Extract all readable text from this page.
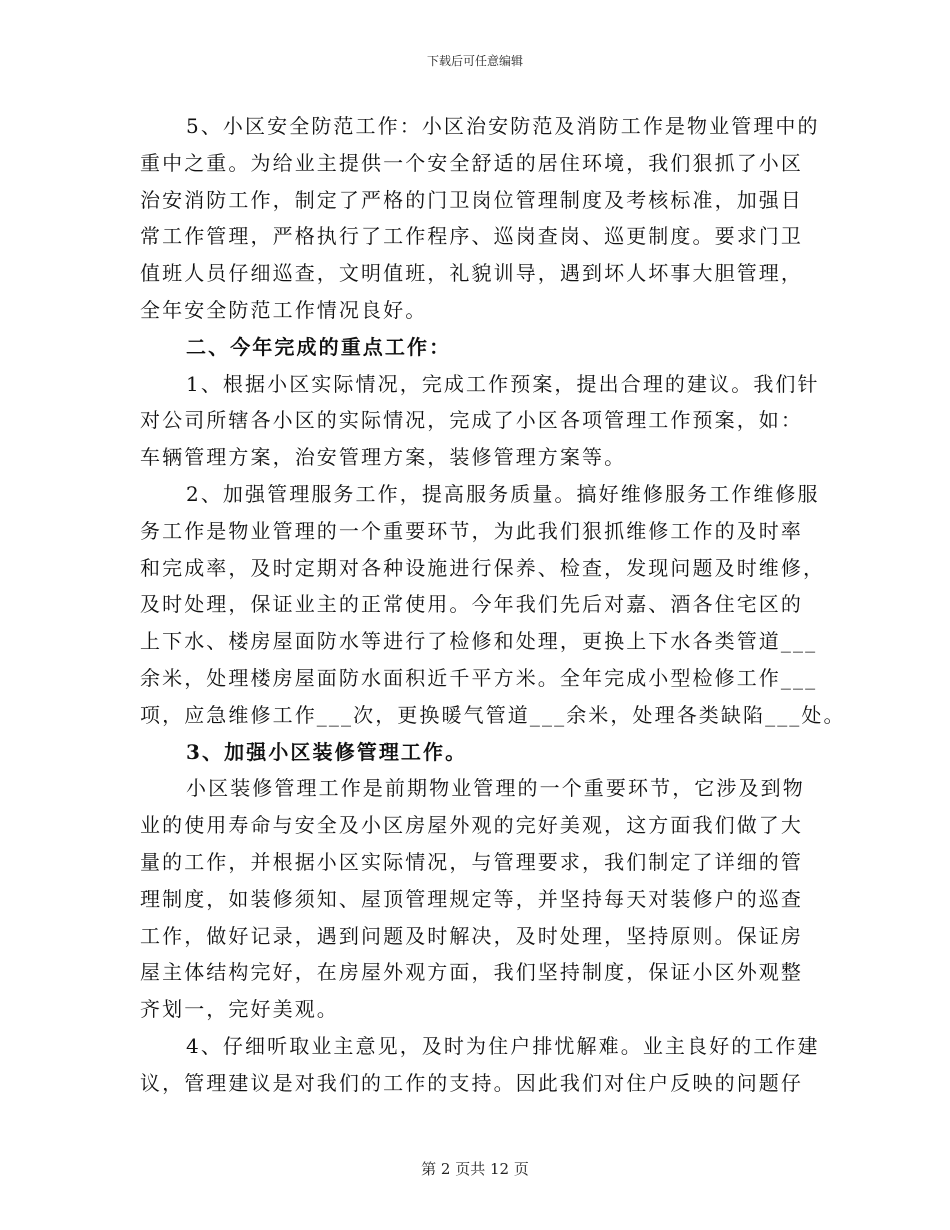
下载后可任意编辑
5、小区安全防范工作：小区治安防范及消防工作是物业管理中的
重中之重。为给业主提供一个安全舒适的居住环境，我们狠抓了小区
治安消防工作，制定了严格的门卫岗位管理制度及考核标准，加强日
常工作管理，严格执行了工作程序、巡岗查岗、巡更制度。要求门卫
值班人员仔细巡查，文明值班，礼貌训导，遇到坏人坏事大胆管理，
全年安全防范工作情况良好。
二、今年完成的重点工作：
1、根据小区实际情况，完成工作预案，提出合理的建议。我们针
对公司所辖各小区的实际情况，完成了小区各项管理工作预案，如：
车辆管理方案，治安管理方案，装修管理方案等。
2、加强管理服务工作，提高服务质量。搞好维修服务工作维修服
务工作是物业管理的一个重要环节，为此我们狠抓维修工作的及时率
和完成率，及时定期对各种设施进行保养、检查，发现问题及时维修，
及时处理，保证业主的正常使用。今年我们先后对嘉、酒各住宅区的
上下水、楼房屋面防水等进行了检修和处理，更换上下水各类管道___
余米，处理楼房屋面防水面积近千平方米。全年完成小型检修工作___
项，应急维修工作___次，更换暖气管道___余米，处理各类缺陷___处。
3、加强小区装修管理工作。
小区装修管理工作是前期物业管理的一个重要环节，它涉及到物
业的使用寿命与安全及小区房屋外观的完好美观，这方面我们做了大
量的工作，并根据小区实际情况，与管理要求，我们制定了详细的管
理制度，如装修须知、屋顶管理规定等，并坚持每天对装修户的巡查
工作，做好记录，遇到问题及时解决，及时处理，坚持原则。保证房
屋主体结构完好，在房屋外观方面，我们坚持制度，保证小区外观整
齐划一，完好美观。
4、仔细听取业主意见，及时为住户排忧解难。业主良好的工作建
议，管理建议是对我们的工作的支持。因此我们对住户反映的问题仔
第 2 页共 12 页
